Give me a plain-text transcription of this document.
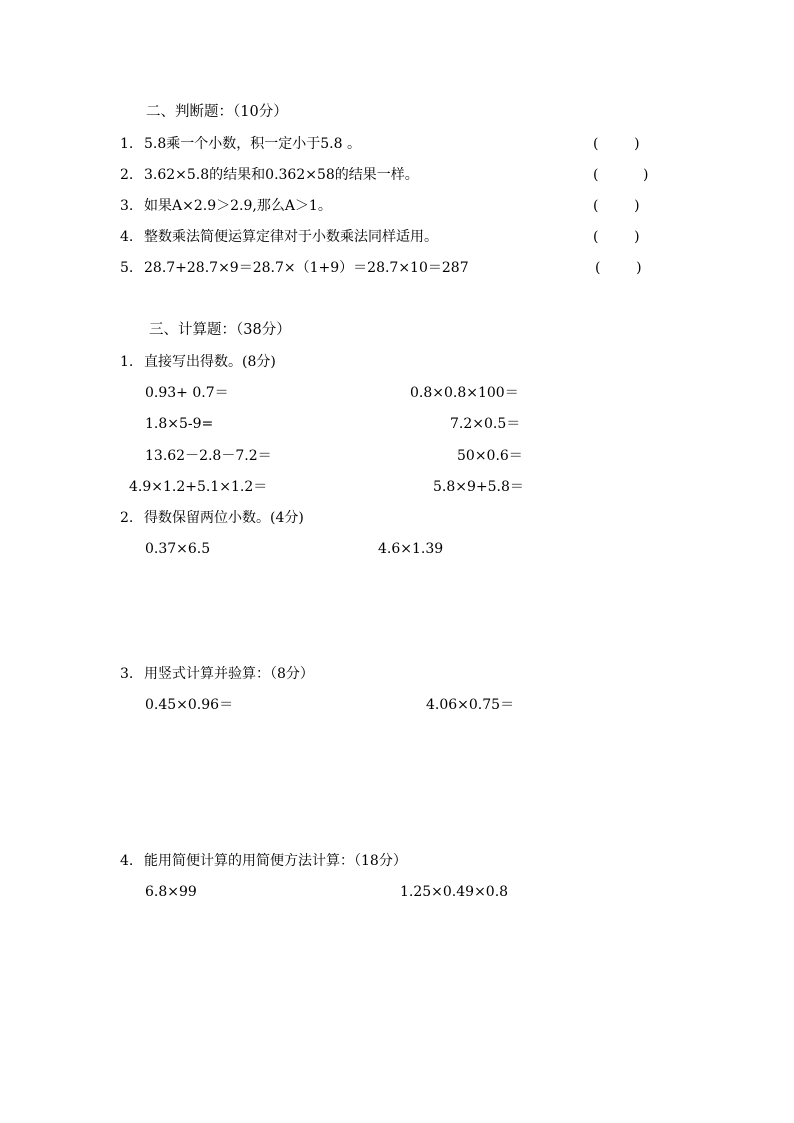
二、判断题：（10分）
1. 5.8乘一个小数，积一定小于5.8 。	(        )
2. 3.62×5.8的结果和0.362×58的结果一样。	(          )
3. 如果A×2.9＞2.9,那么A＞1。	(        )
4. 整数乘法简便运算定律对于小数乘法同样适用。	(        )
5. 28.7+28.7×9＝28.7×（1+9）＝28.7×10＝287	(        )
三、计算题：（38分）
1. 直接写出得数。(8分)
0.93+ 0.7＝	0.8×0.8×100＝
1.8×5-9=	7.2×0.5＝
13.62－2.8－7.2＝	50×0.6＝
4.9×1.2+5.1×1.2＝	5.8×9+5.8＝
2. 得数保留两位小数。(4分)
0.37×6.5	4.6×1.39
3. 用竖式计算并验算：（8分）
0.45×0.96＝	4.06×0.75＝
4. 能用简便计算的用简便方法计算：（18分）
6.8×99	1.25×0.49×0.8
